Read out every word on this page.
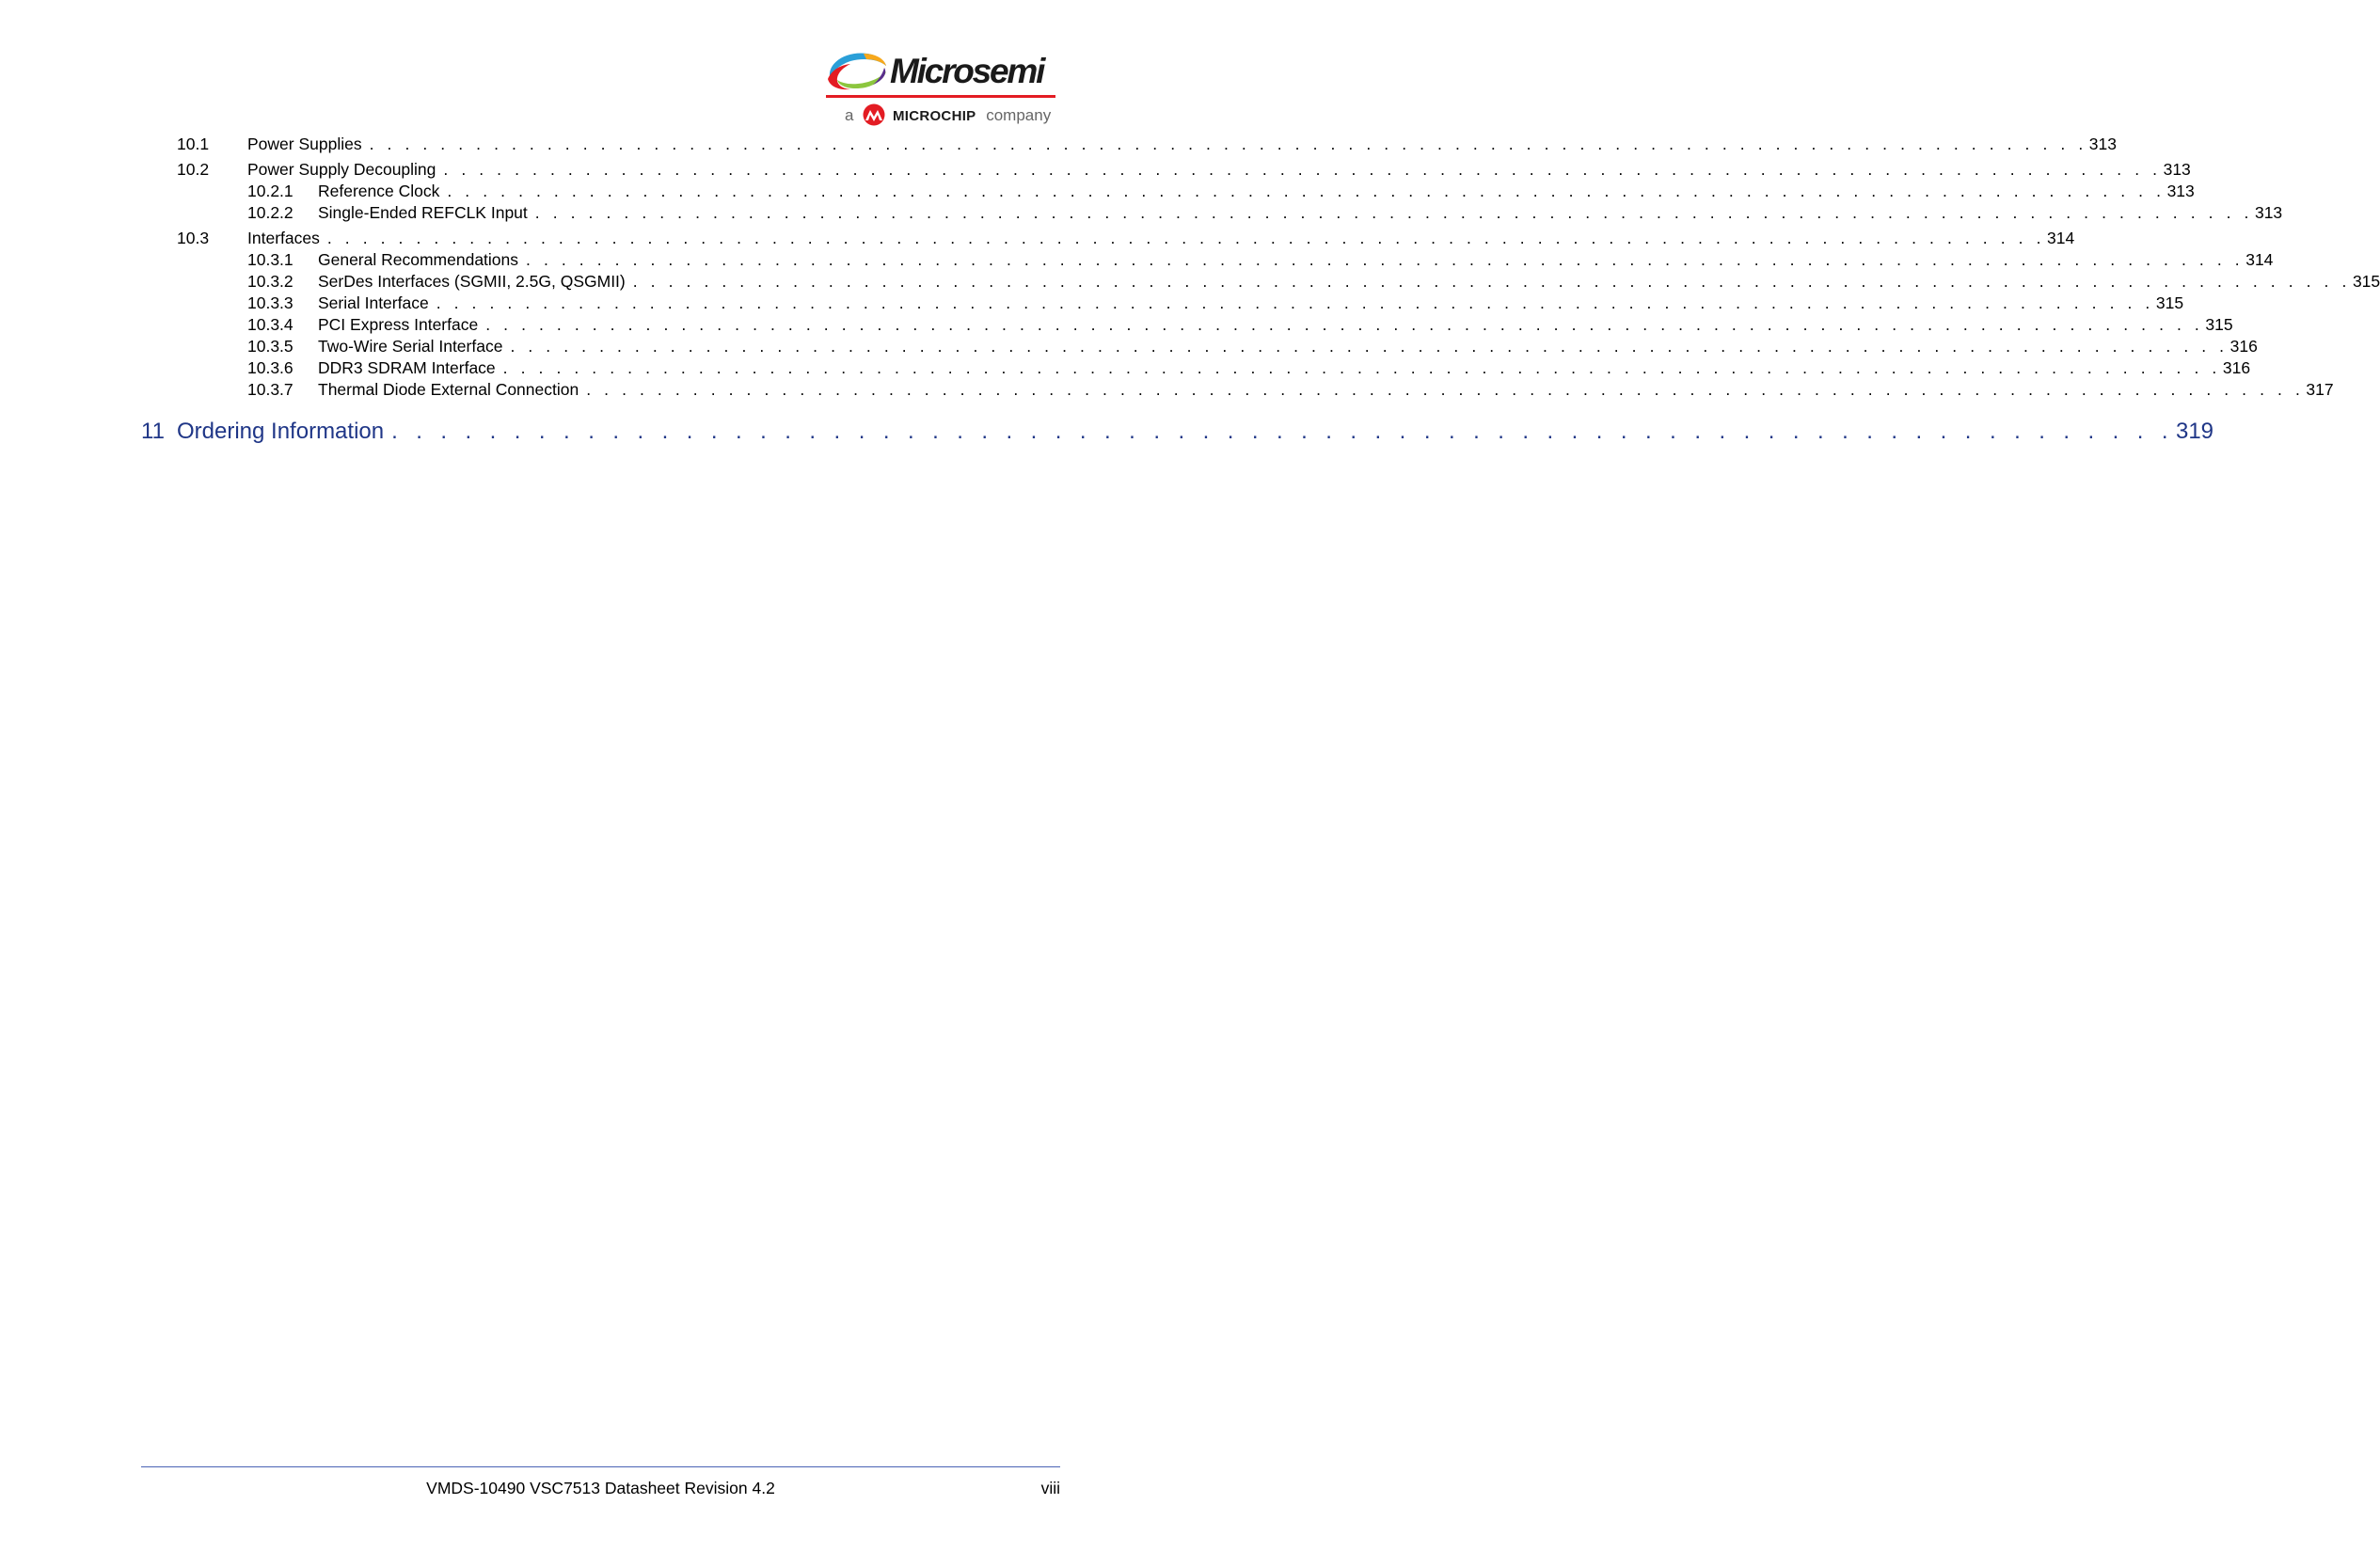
Microsemi
a	MICROCHIP company
10.1 Power Supplies . . . . . . . . . . . . . . . . . . . . . . . . . . . . . . . . . . . . . . . . . . . . . . . . . . . . . . . . . . . . . . . . . . . . . . . . . . . . . . . . . . . . . . . . . . . . . . . . . 313
10.2 Power Supply Decoupling . . . . . . . . . . . . . . . . . . . . . . . . . . . . . . . . . . . . . . . . . . . . . . . . . . . . . . . . . . . . . . . . . . . . . . . . . . . . . . . . . . . . . . . . . . . . . . . . . 313
10.2.1 Reference Clock . . . . . . . . . . . . . . . . . . . . . . . . . . . . . . . . . . . . . . . . . . . . . . . . . . . . . . . . . . . . . . . . . . . . . . . . . . . . . . . . . . . . . . . . . . . . . . . . . 313
10.2.2 Single-Ended REFCLK Input . . . . . . . . . . . . . . . . . . . . . . . . . . . . . . . . . . . . . . . . . . . . . . . . . . . . . . . . . . . . . . . . . . . . . . . . . . . . . . . . . . . . . . . . . . . . . . . . . 313
10.3 Interfaces . . . . . . . . . . . . . . . . . . . . . . . . . . . . . . . . . . . . . . . . . . . . . . . . . . . . . . . . . . . . . . . . . . . . . . . . . . . . . . . . . . . . . . . . . . . . . . . . . 314
10.3.1 General Recommendations . . . . . . . . . . . . . . . . . . . . . . . . . . . . . . . . . . . . . . . . . . . . . . . . . . . . . . . . . . . . . . . . . . . . . . . . . . . . . . . . . . . . . . . . . . . . . . . . . 314
10.3.2 SerDes Interfaces (SGMII, 2.5G, QSGMII) . . . . . . . . . . . . . . . . . . . . . . . . . . . . . . . . . . . . . . . . . . . . . . . . . . . . . . . . . . . . . . . . . . . . . . . . . . . . . . . . . . . . . . . . . . . . . . . . . 315
10.3.3 Serial Interface . . . . . . . . . . . . . . . . . . . . . . . . . . . . . . . . . . . . . . . . . . . . . . . . . . . . . . . . . . . . . . . . . . . . . . . . . . . . . . . . . . . . . . . . . . . . . . . . . 315
10.3.4 PCI Express Interface . . . . . . . . . . . . . . . . . . . . . . . . . . . . . . . . . . . . . . . . . . . . . . . . . . . . . . . . . . . . . . . . . . . . . . . . . . . . . . . . . . . . . . . . . . . . . . . . . 315
10.3.5 Two-Wire Serial Interface . . . . . . . . . . . . . . . . . . . . . . . . . . . . . . . . . . . . . . . . . . . . . . . . . . . . . . . . . . . . . . . . . . . . . . . . . . . . . . . . . . . . . . . . . . . . . . . . . 316
10.3.6 DDR3 SDRAM Interface . . . . . . . . . . . . . . . . . . . . . . . . . . . . . . . . . . . . . . . . . . . . . . . . . . . . . . . . . . . . . . . . . . . . . . . . . . . . . . . . . . . . . . . . . . . . . . . . . 316
10.3.7 Thermal Diode External Connection . . . . . . . . . . . . . . . . . . . . . . . . . . . . . . . . . . . . . . . . . . . . . . . . . . . . . . . . . . . . . . . . . . . . . . . . . . . . . . . . . . . . . . . . . . . . . . . . . 317
11 Ordering Information . . . . . . . . . . . . . . . . . . . . . . . . . . . . . . . . . . . . . . . . . . . . . . . . . . . . . . . . . . . . . . . . . . . . . . . . . 319
VMDS-10490 VSC7513 Datasheet Revision 4.2	viii
